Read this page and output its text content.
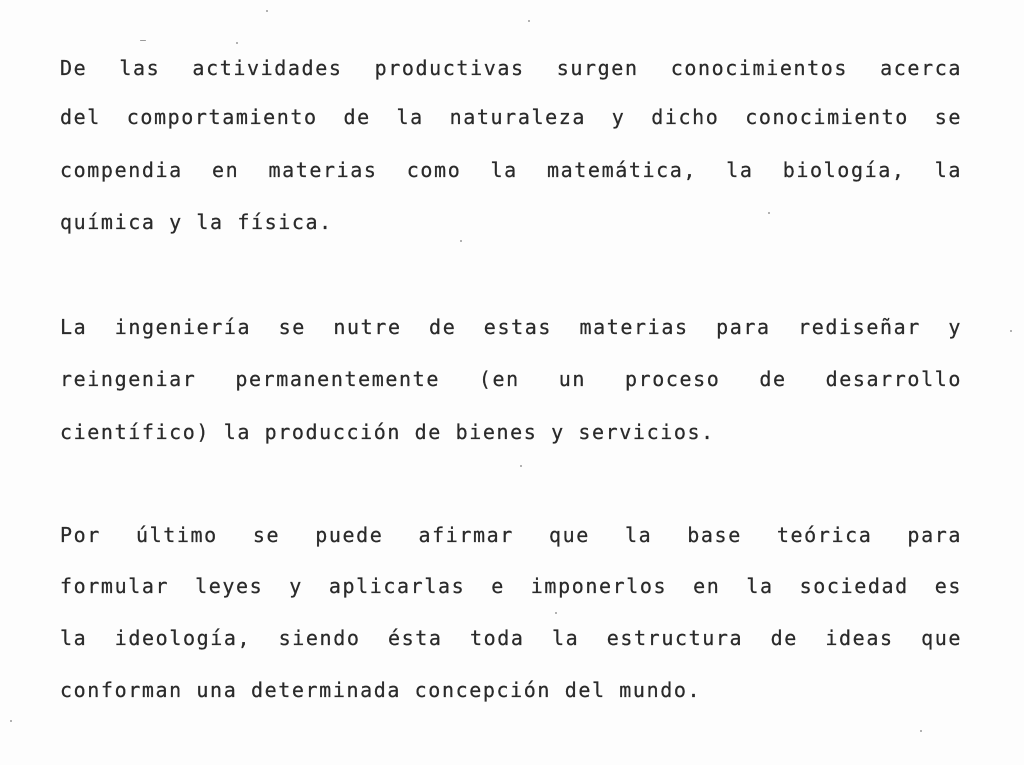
De las actividades productivas surgen conocimientos acerca
del comportamiento de la naturaleza y dicho conocimiento se
compendia en materias como la matemática, la biología, la
química y la física.
La ingeniería se nutre de estas materias para rediseñar y
reingeniar permanentemente (en un proceso de desarrollo
científico) la producción de bienes y servicios.
Por último se puede afirmar que la base teórica para
formular leyes y aplicarlas e imponerlos en la sociedad es
la ideología, siendo ésta toda la estructura de ideas que
conforman una determinada concepción del mundo.
